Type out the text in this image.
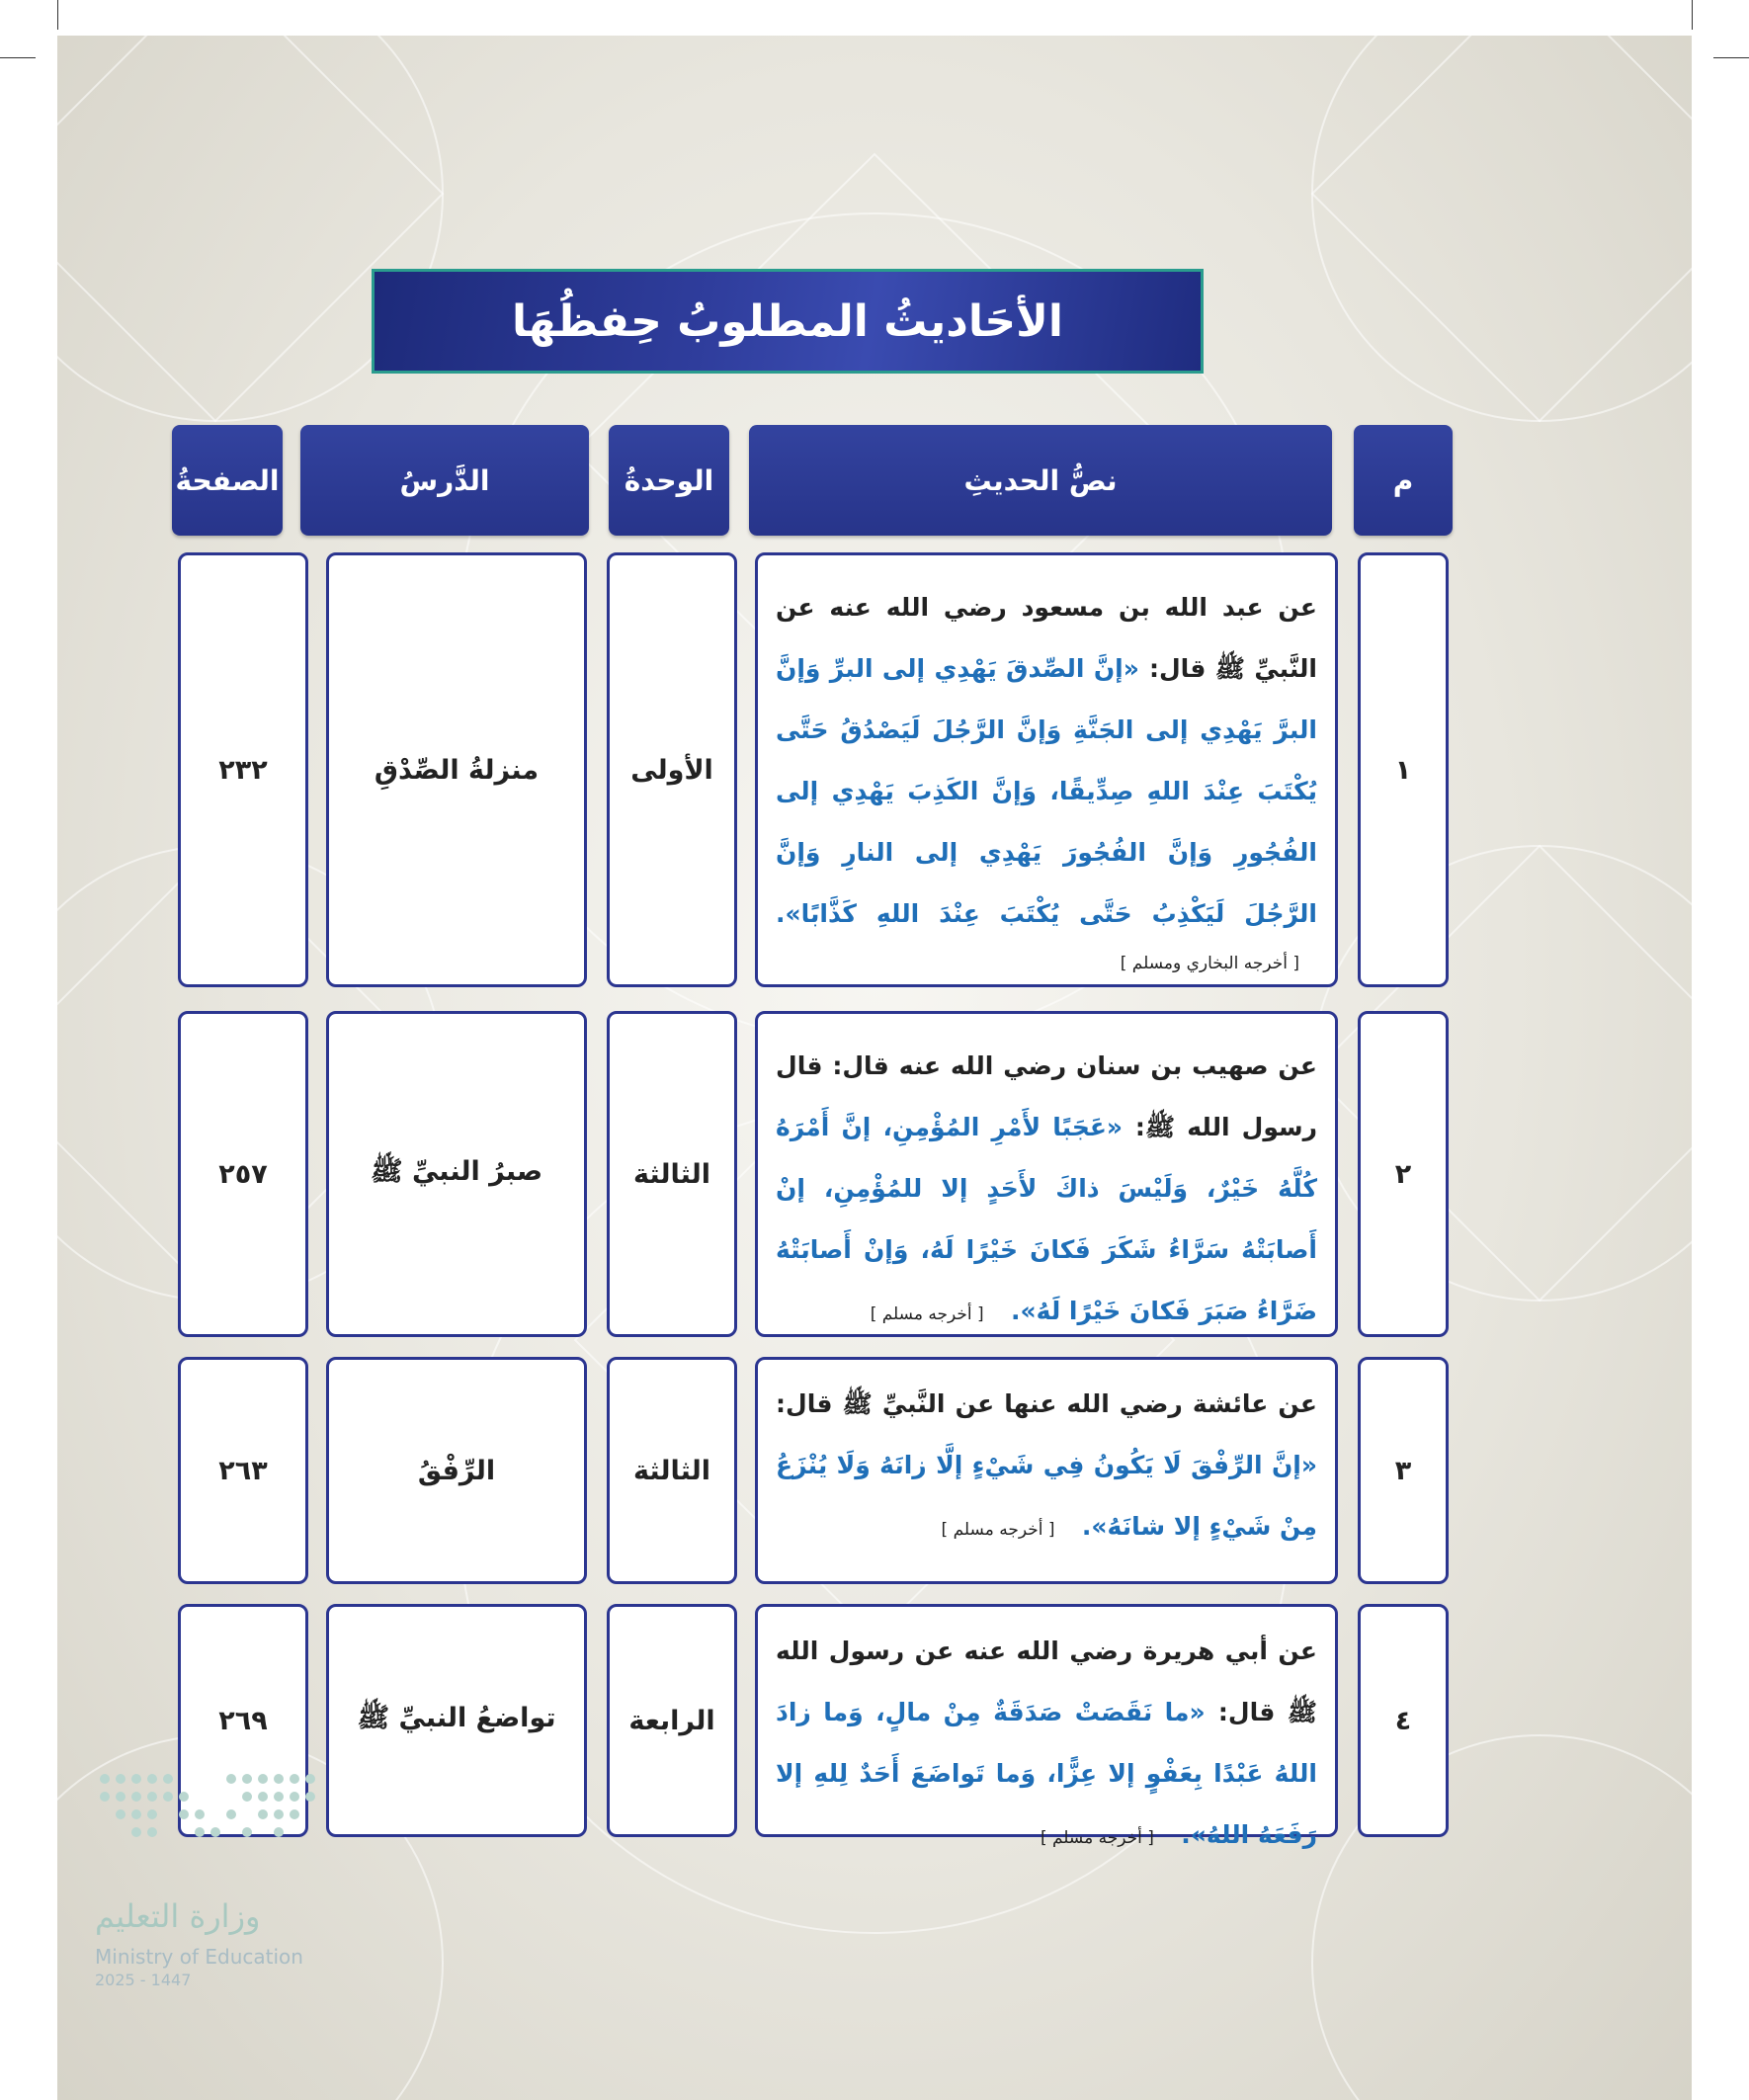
الأحَاديثُ المطلوبُ حِفظُهَا
م
نصُّ الحديثِ
الوحدةُ
الدَّرسُ
الصفحةُ
١
عن عبد الله بن مسعود رضي الله عنه عن النَّبيِّ ﷺ قال: «إنَّ الصِّدقَ يَهْدِي إلى البرِّ وَإنَّ البرَّ يَهْدِي إلى الجَنَّةِ وَإنَّ الرَّجُلَ لَيَصْدُقُ حَتَّى يُكْتَبَ عِنْدَ اللهِ صِدِّيقًا، وَإنَّ الكَذِبَ يَهْدِي إلى الفُجُورِ وَإنَّ الفُجُورَ يَهْدِي إلى النارِ وَإنَّ الرَّجُلَ لَيَكْذِبُ حَتَّى يُكْتَبَ عِنْدَ اللهِ كَذَّابًا». [ أخرجه البخاري ومسلم ]
الأولى
منزلةُ الصِّدْقِ
٢٣٢
٢
عن صهيب بن سنان رضي الله عنه قال: قال رسول الله ﷺ: «عَجَبًا لأَمْرِ المُؤْمِنِ، إنَّ أَمْرَهُ كُلَّهُ خَيْرٌ، وَلَيْسَ ذاكَ لأَحَدٍ إلا للمُؤْمِنِ، إنْ أَصابَتْهُ سَرَّاءُ شَكَرَ فَكانَ خَيْرًا لَهُ، وَإنْ أَصابَتْهُ ضَرَّاءُ صَبَرَ فَكانَ خَيْرًا لَهُ». [ أخرجه مسلم ]
الثالثة
صبرُ النبيِّ ﷺ
٢٥٧
٣
عن عائشة رضي الله عنها عن النَّبيِّ ﷺ قال: «إنَّ الرِّفْقَ لَا يَكُونُ فِي شَيْءٍ إلَّا زانَهُ وَلَا يُنْزَعُ مِنْ شَيْءٍ إلا شانَهُ». [ أخرجه مسلم ]
الثالثة
الرِّفْقُ
٢٦٣
٤
عن أبي هريرة رضي الله عنه عن رسول الله ﷺ قال: «ما نَقَصَتْ صَدَقَةٌ مِنْ مالٍ، وَما زادَ اللهُ عَبْدًا بِعَفْوٍ إلا عِزًّا، وَما تَواضَعَ أَحَدٌ لِلهِ إلا رَفَعَهُ اللهُ». [ أخرجه مسلم ]
الرابعة
تواضعُ النبيِّ ﷺ
٢٦٩
وزارة التعليم
Ministry of Education
2025 - 1447
